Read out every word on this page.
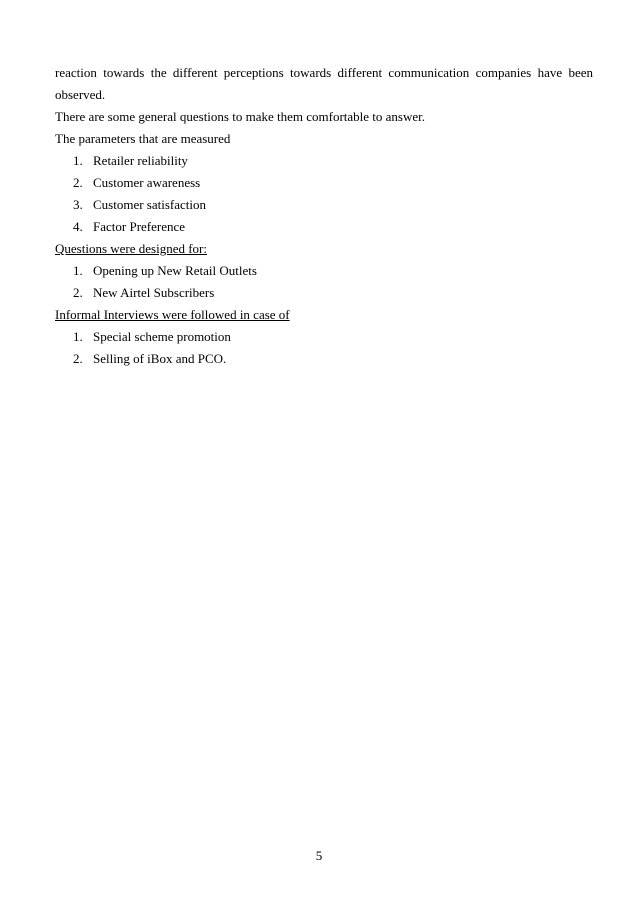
reaction towards the different perceptions towards different communication companies have been
observed.
There are some general questions to make them comfortable to answer.
The parameters that are measured
1. Retailer reliability
2. Customer awareness
3. Customer satisfaction
4. Factor Preference
Questions were designed for:
1. Opening up New Retail Outlets
2. New Airtel Subscribers
Informal Interviews were followed in case of
1. Special scheme promotion
2. Selling of iBox and PCO.
5
